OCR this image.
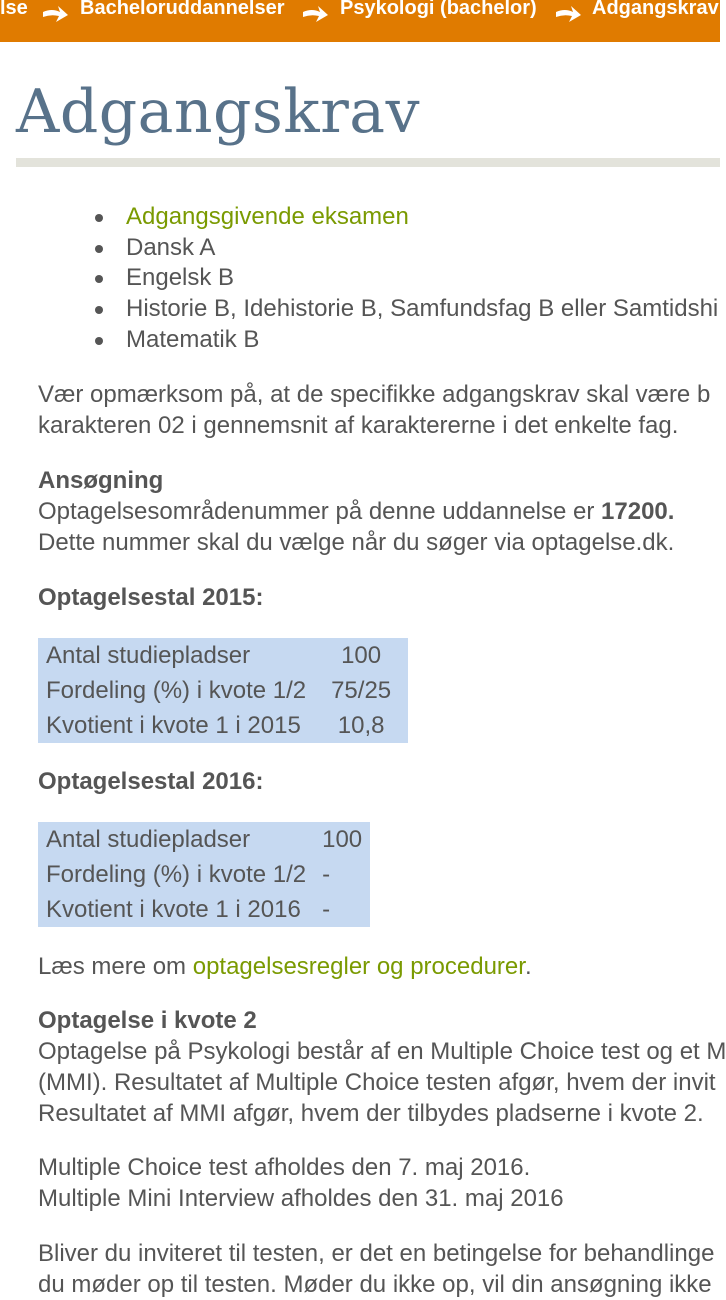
lse	Bacheloruddannelser	Psykologi (bachelor)	Adgangskrav
Adgangskrav
Adgangsgivende eksamen
Dansk A
Engelsk B
Historie B, Idehistorie B, Samfundsfag B eller Samtidshi
Matematik B

Vær opmærksom på, at de specifikke adgangskrav skal være b

karakteren 02 i gennemsnit af karaktererne i det enkelte fag.

Ansøgning

Optagelsesområdenummer på denne uddannelse er 17200.

Dette nummer skal du vælge når du søger via optagelse.dk.

Optagelsestal 2015:

Antal studiepladser	100
Fordeling (%) i kvote 1/2	75/25
Kvotient i kvote 1 i 2015	10,8

Optagelsestal 2016:

Antal studiepladser	100
Fordeling (%) i kvote 1/2	-
Kvotient i kvote 1 i 2016	-

Læs mere om optagelsesregler og procedurer.

Optagelse i kvote 2

Optagelse på Psykologi består af en Multiple Choice test og et M

(MMI). Resultatet af Multiple Choice testen afgør, hvem der invit

Resultatet af MMI afgør, hvem der tilbydes pladserne i kvote 2.

Multiple Choice test afholdes den 7. maj 2016.

Multiple Mini Interview afholdes den 31. maj 2016

Bliver du inviteret til testen, er det en betingelse for behandlinge

du møder op til testen. Møder du ikke op, vil din ansøgning ikke
